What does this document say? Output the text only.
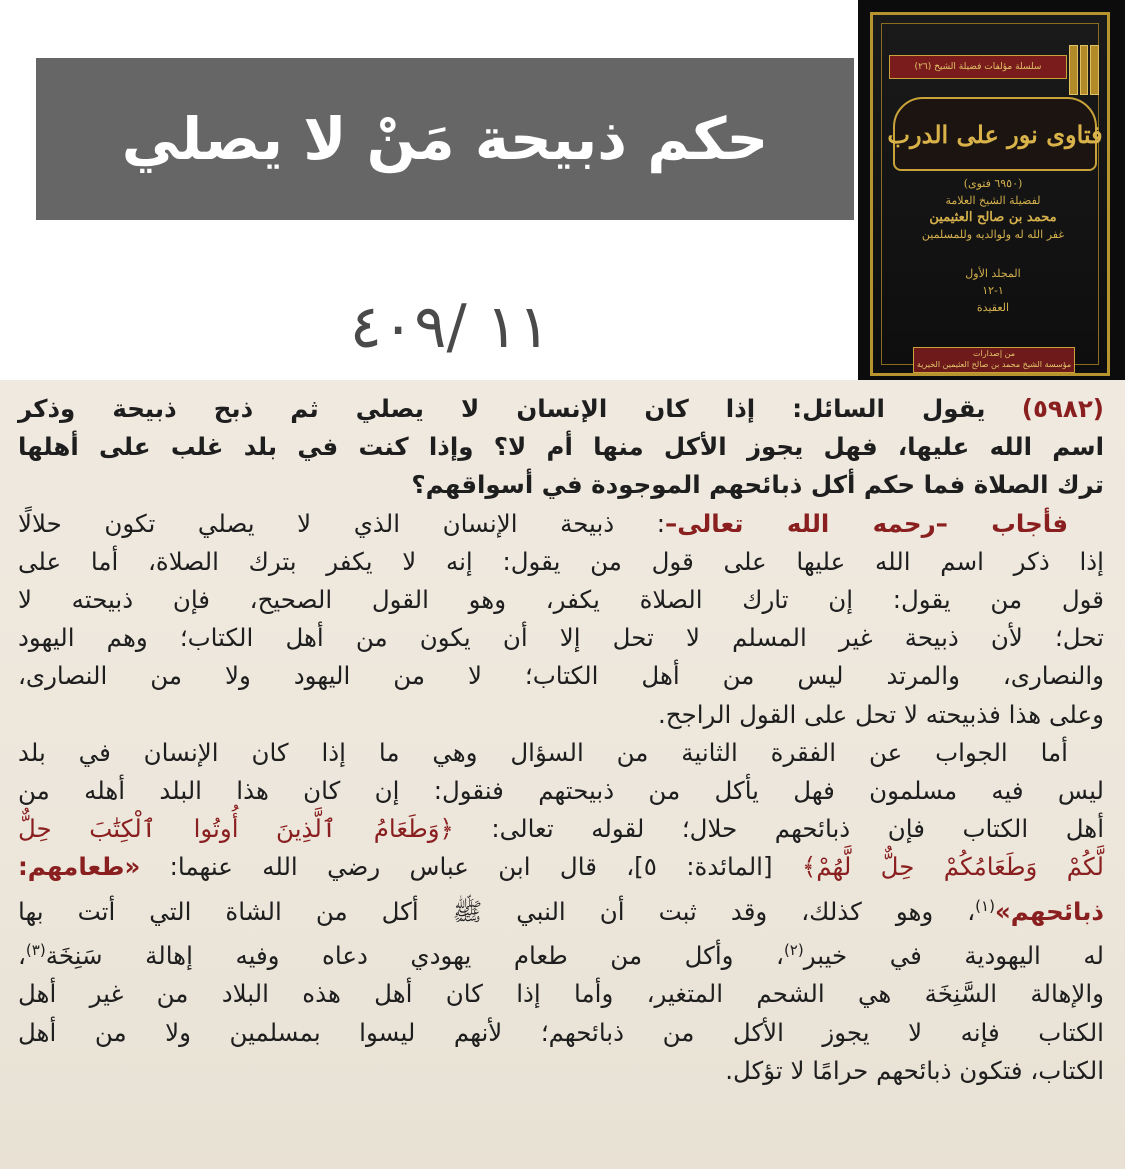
حكم ذبيحة مَنْ لا يصلي
١١ /٤٠٩
سلسلة مؤلفات فضيلة الشيخ (٢٦)
فتاوى نور على الدرب
(٦٩٥٠ فتوى)
لفضيلة الشيخ العلامة
محمد بن صالح العثيمين
غفر الله له ولوالديه وللمسلمين
المجلد الأول
١-١٢
العقيدة
من إصدارات
مؤسسة الشيخ محمد بن صالح العثيمين الخيرية
(٥٩٨٢) يقول السائل: إذا كان الإنسان لا يصلي ثم ذبح ذبيحة وذكر
اسم الله عليها، فهل يجوز الأكل منها أم لا؟ وإذا كنت في بلد غلب على أهلها
ترك الصلاة فما حكم أكل ذبائحهم الموجودة في أسواقهم؟
فأجاب –رحمه الله تعالى–: ذبيحة الإنسان الذي لا يصلي تكون حلالًا
إذا ذكر اسم الله عليها على قول من يقول: إنه لا يكفر بترك الصلاة، أما على
قول من يقول: إن تارك الصلاة يكفر، وهو القول الصحيح، فإن ذبيحته لا
تحل؛ لأن ذبيحة غير المسلم لا تحل إلا أن يكون من أهل الكتاب؛ وهم اليهود
والنصارى، والمرتد ليس من أهل الكتاب؛ لا من اليهود ولا من النصارى،
وعلى هذا فذبيحته لا تحل على القول الراجح.
أما الجواب عن الفقرة الثانية من السؤال وهي ما إذا كان الإنسان في بلد
ليس فيه مسلمون فهل يأكل من ذبيحتهم فنقول: إن كان هذا البلد أهله من
أهل الكتاب فإن ذبائحهم حلال؛ لقوله تعالى: ﴿وَطَعَامُ ٱلَّذِينَ أُوتُوا ٱلْكِتَٰبَ حِلٌّ
لَّكُمْ وَطَعَامُكُمْ حِلٌّ لَّهُمْ﴾ [المائدة: ٥]، قال ابن عباس رضي الله عنهما: «طعامهم:
ذبائحهم»$^{(١)}$، وهو كذلك، وقد ثبت أن النبي ﷺ أكل من الشاة التي أتت بها
له اليهودية في خيبر$^{(٢)}$، وأكل من طعام يهودي دعاه وفيه إهالة سَنِخَة$^{(٣)}$،
والإهالة السَّنِخَة هي الشحم المتغير، وأما إذا كان أهل هذه البلاد من غير أهل
الكتاب فإنه لا يجوز الأكل من ذبائحهم؛ لأنهم ليسوا بمسلمين ولا من أهل
الكتاب، فتكون ذبائحهم حرامًا لا تؤكل.
